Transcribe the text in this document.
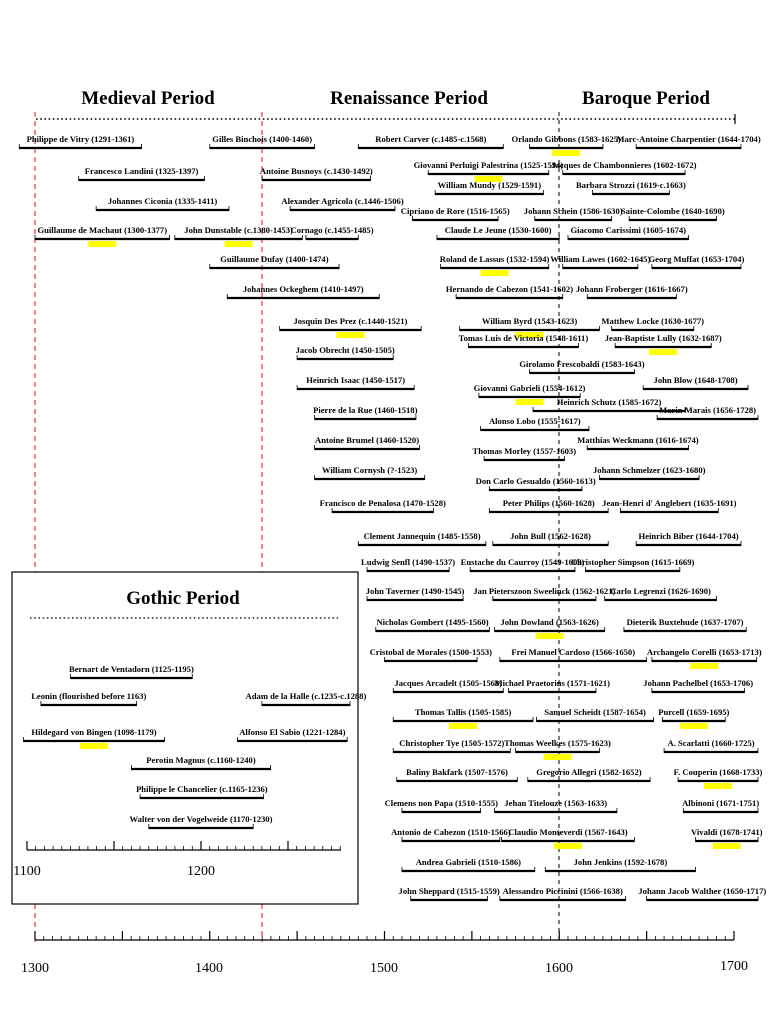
Medieval Period	Renaissance Period	Baroque Period
Philippe de Vitry (1291-1361)
Francesco Landini (1325-1397)
Johannes Ciconia (1335-1411)
Guillaume de Machaut (1300-1377)
Gilles Binchois (1400-1460)
Antoine Busnoys (c.1430-1492)
Alexander Agricola (c.1446-1506)
John Dunstable (c.1380-1453)
Cornago (c.1455-1485)
Guillaume Dufay (1400-1474)
Johannes Ockeghem (1410-1497)
Josquin Des Prez (c.1440-1521)
Jacob Obrecht (1450-1505)
Heinrich Isaac (1450-1517)
Pierre de la Rue (1460-1518)
Antoine Brumel (1460-1520)
William Cornysh (?-1523)
Francisco de Penalosa (1470-1528)
Clement Jannequin (1485-1558)
Ludwig Senfl (1490-1537)
John Taverner (1490-1545)
Nicholas Gombert (1495-1560)
Cristobal de Morales (1500-1553)
Jacques Arcadelt (1505-1568)
Thomas Tallis (1505-1585)
Christopher Tye (1505-1572)
Baliny Bakfark (1507-1576)
Clemens non Papa (1510-1555)
Antonio de Cabezon (1510-1566)
Andrea Gabrieli (1510-1586)
John Sheppard (1515-1559)
Robert Carver (c.1485-c.1568)
Giovanni Perluigi Palestrina (1525-1594)
William Mundy (1529-1591)
Cipriano de Rore (1516-1565)
Claude Le Jeune (1530-1600)
Roland de Lassus (1532-1594)
Hernando de Cabezon (1541-1602)
William Byrd (1543-1623)
Tomas Luis de Victoria (1548-1611)
Girolamo Frescobaldi (1583-1643)
Giovanni Gabrieli (1554-1612)
Heinrich Schutz (1585-1672)
Alonso Lobo (1555-1617)
Thomas Morley (1557-1603)
Don Carlo Gesualdo (1560-1613)
Peter Philips (1560-1628)
John Bull (1562-1628)
Eustache du Caurroy (1549-1609)
Jan Pieterszoon Sweelinck (1562-1621)
John Dowland (1563-1626)
Frei Manuel Cardoso (1566-1650)
Michael Praetorius (1571-1621)
Samuel Scheidt (1587-1654)
Thomas Weelkes (1575-1623)
Gregorio Allegri (1582-1652)
Jehan Titelouze (1563-1633)
Claudio Monteverdi (1567-1643)
John Jenkins (1592-1678)
Alessandro Piccinini (1566-1638)
Orlando Gibbons (1583-1625)
Marc-Antoine Charpentier (1644-1704)
Jacques de Chambonnieres (1602-1672)
Barbara Strozzi (1619-c.1663)
Johann Schein (1586-1630)
Sainte-Colombe (1640-1690)
Giacomo Carissimi (1605-1674)
William Lawes (1602-1645)
Georg Muffat (1653-1704)
Johann Froberger (1616-1667)
Matthew Locke (1630-1677)
Jean-Baptiste Lully (1632-1687)
John Blow (1648-1708)
Marin Marais (1656-1728)
Matthias Weckmann (1616-1674)
Johann Schmelzer (1623-1680)
Jean-Henri d' Anglebert (1635-1691)
Heinrich Biber (1644-1704)
Christopher Simpson (1615-1669)
Carlo Legrenzi (1626-1690)
Dieterik Buxtehude (1637-1707)
Archangelo Corelli (1653-1713)
Johann Pachelbel (1653-1706)
Purcell (1659-1695)
A. Scarlatti (1660-1725)
F. Couperin (1668-1733)
Albinoni (1671-1751)
Vivaldi (1678-1741)
Johann Jacob Walther (1650-1717)
Gothic Period
Bernart de Ventadorn (1125-1195)
Leonin (flourished before 1163)	Adam de la Halle (c.1235-c.1288)
Hildegard von Bingen (1098-1179)	Alfonso El Sabio (1221-1284)
Perotin Magnus (c.1160-1240)
Philippe le Chancelier (c.1165-1236)
Walter von der Vogelweide (1170-1230)
1100	1200
1300	1400	1500	1600	1700
